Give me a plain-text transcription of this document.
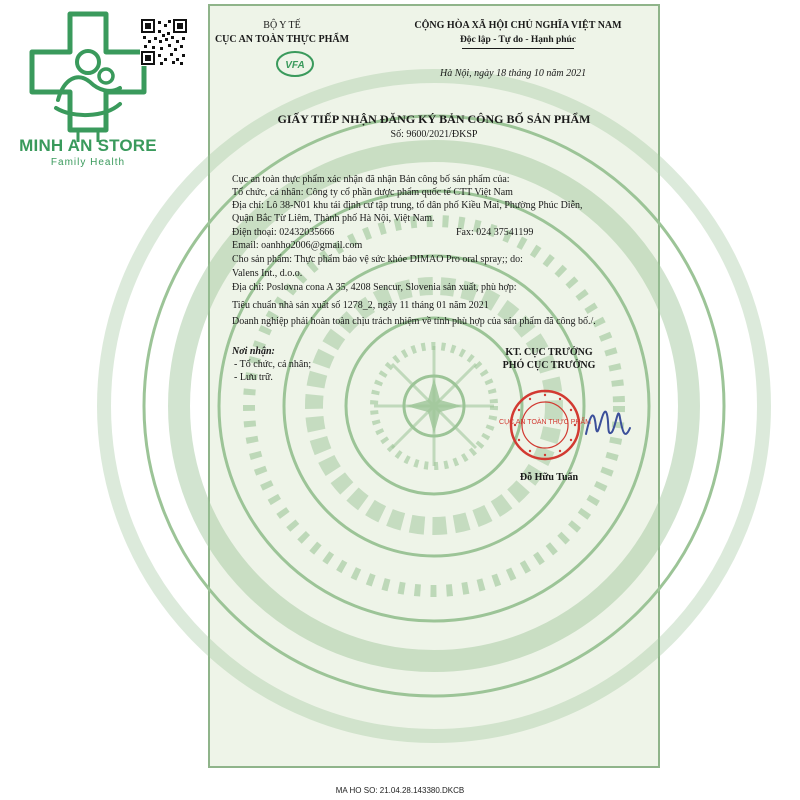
MINH AN STORE
Family Health
BỘ Y TẾ
CỤC AN TOÀN THỰC PHẨM
VFA
CỘNG HÒA XÃ HỘI CHỦ NGHĨA VIỆT NAM
Độc lập - Tự do - Hạnh phúc
Hà Nội, ngày 18 tháng 10 năm 2021
GIẤY TIẾP NHẬN ĐĂNG KÝ BẢN CÔNG BỐ SẢN PHẨM
Số: 9600/2021/ĐKSP
Cục an toàn thực phẩm xác nhận đã nhận Bản công bố sản phẩm của:
Tổ chức, cá nhân: Công ty cổ phần dược phẩm quốc tế CTT Việt Nam
Địa chỉ: Lô 38-N01 khu tái định cư tập trung, tổ dân phố Kiều Mai, Phường Phúc Diễn,
Quận Bắc Từ Liêm, Thành phố Hà Nội, Việt Nam.
Điện thoại: 02432035666	Fax: 024 37541199
Email: oanhho2006@gmail.com
Cho sản phẩm: Thực phẩm bảo vệ sức khỏe DIMAO Pro oral spray;; do:
Valens Int., d.o.o.
Địa chỉ: Poslovna cona A 35, 4208 Sencur, Slovenia sản xuất, phù hợp:
Tiêu chuẩn nhà sản xuất số 1278_2, ngày 11 tháng 01 năm 2021
Doanh nghiệp phải hoàn toàn chịu trách nhiệm về tính phù hợp của sản phẩm đã công bố./.
Nơi nhận:
- Tổ chức, cá nhân;
- Lưu trữ.
KT. CỤC TRƯỞNG
PHÓ CỤC TRƯỞNG
CỤC AN TOÀN THỰC PHẨM
Đỗ Hữu Tuấn
MA HO SO: 21.04.28.143380.DKCB
